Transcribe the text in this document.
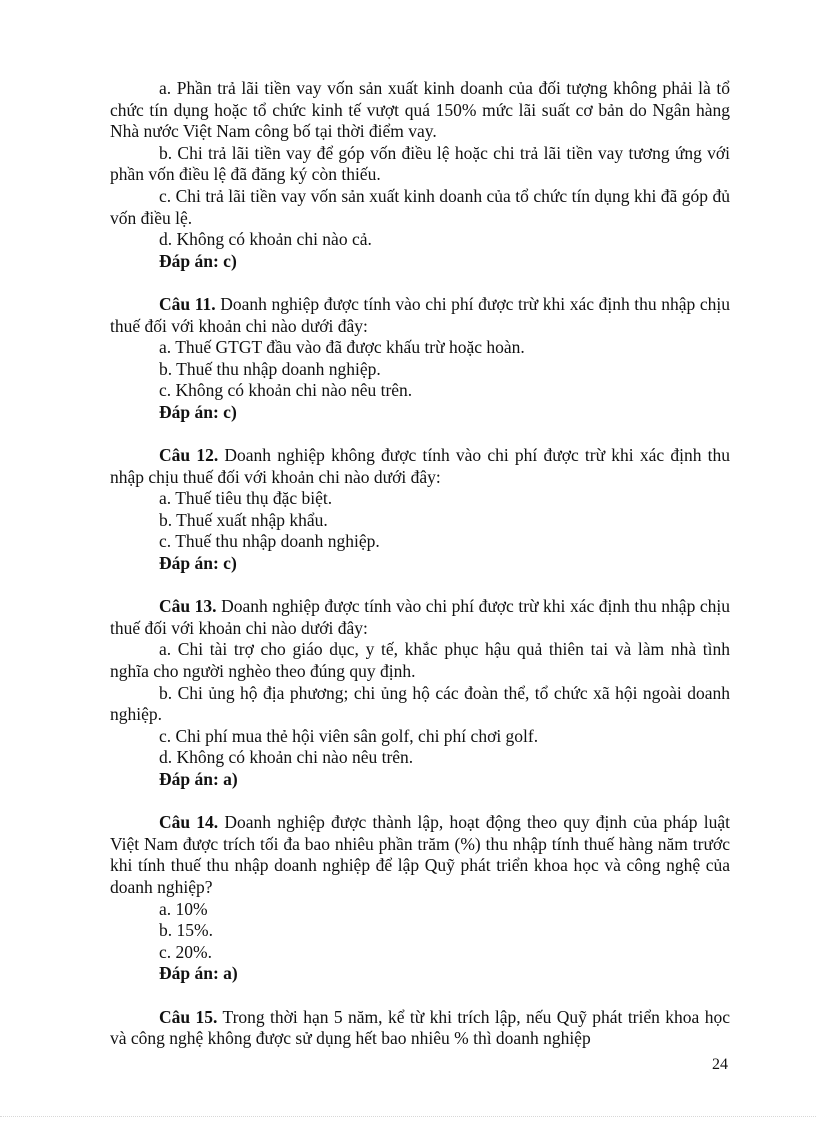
a. Phần trả lãi tiền vay vốn sản xuất kinh doanh của đối tượng không phải là tổ chức tín dụng hoặc tổ chức kinh tế vượt quá 150% mức lãi suất cơ bản do Ngân hàng Nhà nước Việt Nam công bố tại thời điểm vay.

b. Chi trả lãi tiền vay để góp vốn điều lệ hoặc chi trả lãi tiền vay tương ứng với phần vốn điều lệ đã đăng ký còn thiếu.

c. Chi trả lãi tiền vay vốn sản xuất kinh doanh của tổ chức tín dụng khi đã góp đủ vốn điều lệ.

d. Không có khoản chi nào cả.

Đáp án: c)

Câu 11. Doanh nghiệp được tính vào chi phí được trừ khi xác định thu nhập chịu thuế đối với khoản chi nào dưới đây:

a. Thuế GTGT đầu vào đã được khấu trừ hoặc hoàn.

b. Thuế thu nhập doanh nghiệp.

c. Không có khoản chi nào nêu trên.

Đáp án: c)

Câu 12. Doanh nghiệp không được tính vào chi phí được trừ khi xác định thu nhập chịu thuế đối với khoản chi nào dưới đây:

a. Thuế tiêu thụ đặc biệt.

b. Thuế xuất nhập khẩu.

c. Thuế thu nhập doanh nghiệp.

Đáp án: c)

Câu 13. Doanh nghiệp được tính vào chi phí được trừ khi xác định thu nhập chịu thuế đối với khoản chi nào dưới đây:

a. Chi tài trợ cho giáo dục, y tế, khắc phục hậu quả thiên tai và làm nhà tình nghĩa cho người nghèo theo đúng quy định.

b. Chi ủng hộ địa phương; chi ủng hộ các đoàn thể, tổ chức xã hội ngoài doanh nghiệp.

c. Chi phí mua thẻ hội viên sân golf, chi phí chơi golf.

d. Không có khoản chi nào nêu trên.

Đáp án: a)

Câu 14. Doanh nghiệp được thành lập, hoạt động theo quy định của pháp luật Việt Nam được trích tối đa bao nhiêu phần trăm (%) thu nhập tính thuế hàng năm trước khi tính thuế thu nhập doanh nghiệp để lập Quỹ phát triển khoa học và công nghệ của doanh nghiệp?

a. 10%

b. 15%.

c. 20%.

Đáp án: a)

Câu 15. Trong thời hạn 5 năm, kể từ khi trích lập, nếu Quỹ phát triển khoa học và công nghệ không được sử dụng hết bao nhiêu % thì doanh nghiệp

24
